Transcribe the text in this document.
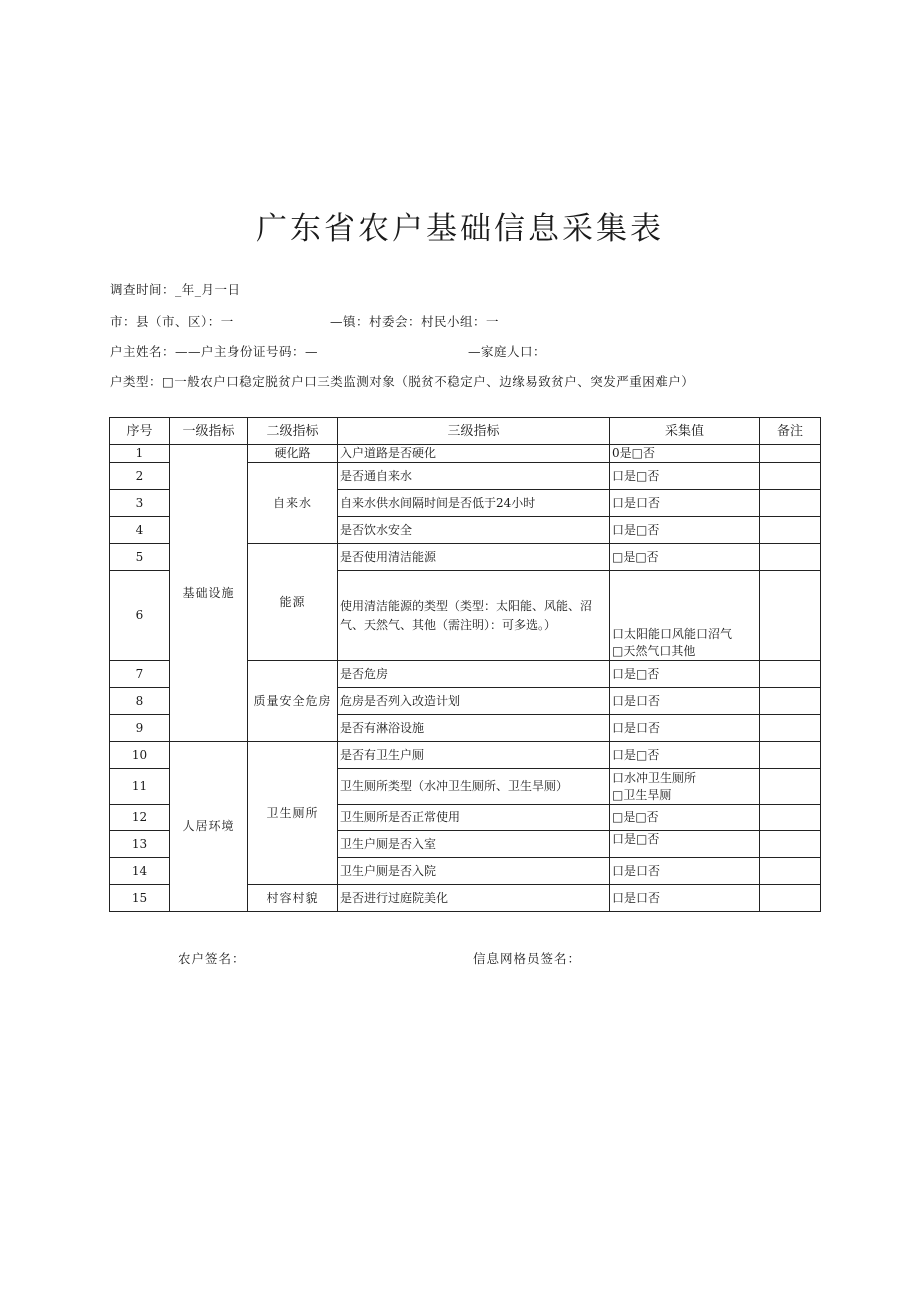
广东省农户基础信息采集表
调查时间：_年_月一日
市：县（市、区）：一	—镇：村委会：村民小组：一
户主姓名：——户主身份证号码：—	—家庭人口：
户类型：□一般农户口稳定脱贫户口三类监测对象（脱贫不稳定户、边缘易致贫户、突发严重困难户）
序号	一级指标	二级指标	三级指标	采集值	备注
1	基础设施	硬化路	入户道路是否硬化	0是□否	
2		自来水	是否通自来水	口是□否	
3			自来水供水间隔时间是否低于24小时	口是口否	
4			是否饮水安全	口是□否	
5		能源	是否使用清洁能源	□是□否	
6			使用清洁能源的类型（类型：太阳能、风能、沼气、天然气、其他（需注明）：可多选。）	口太阳能口风能口沼气
□天然气口其他	

7		质量安全危房	是否危房	口是□否	
8			危房是否列入改造计划	口是口否	
9			是否有淋浴设施	口是口否	
10	人居环境	卫生厕所	是否有卫生户厕	口是□否	
11			卫生厕所类型（水冲卫生厕所、卫生旱厕）	口水冲卫生厕所
□卫生旱厕	

12			卫生厕所是否正常使用	□是□否	
13			卫生户厕是否入室	口是□否	
14			卫生户厕是否入院	口是口否	
15		村容村貌	是否进行过庭院美化	口是口否	
农户签名：	信息网格员签名：
